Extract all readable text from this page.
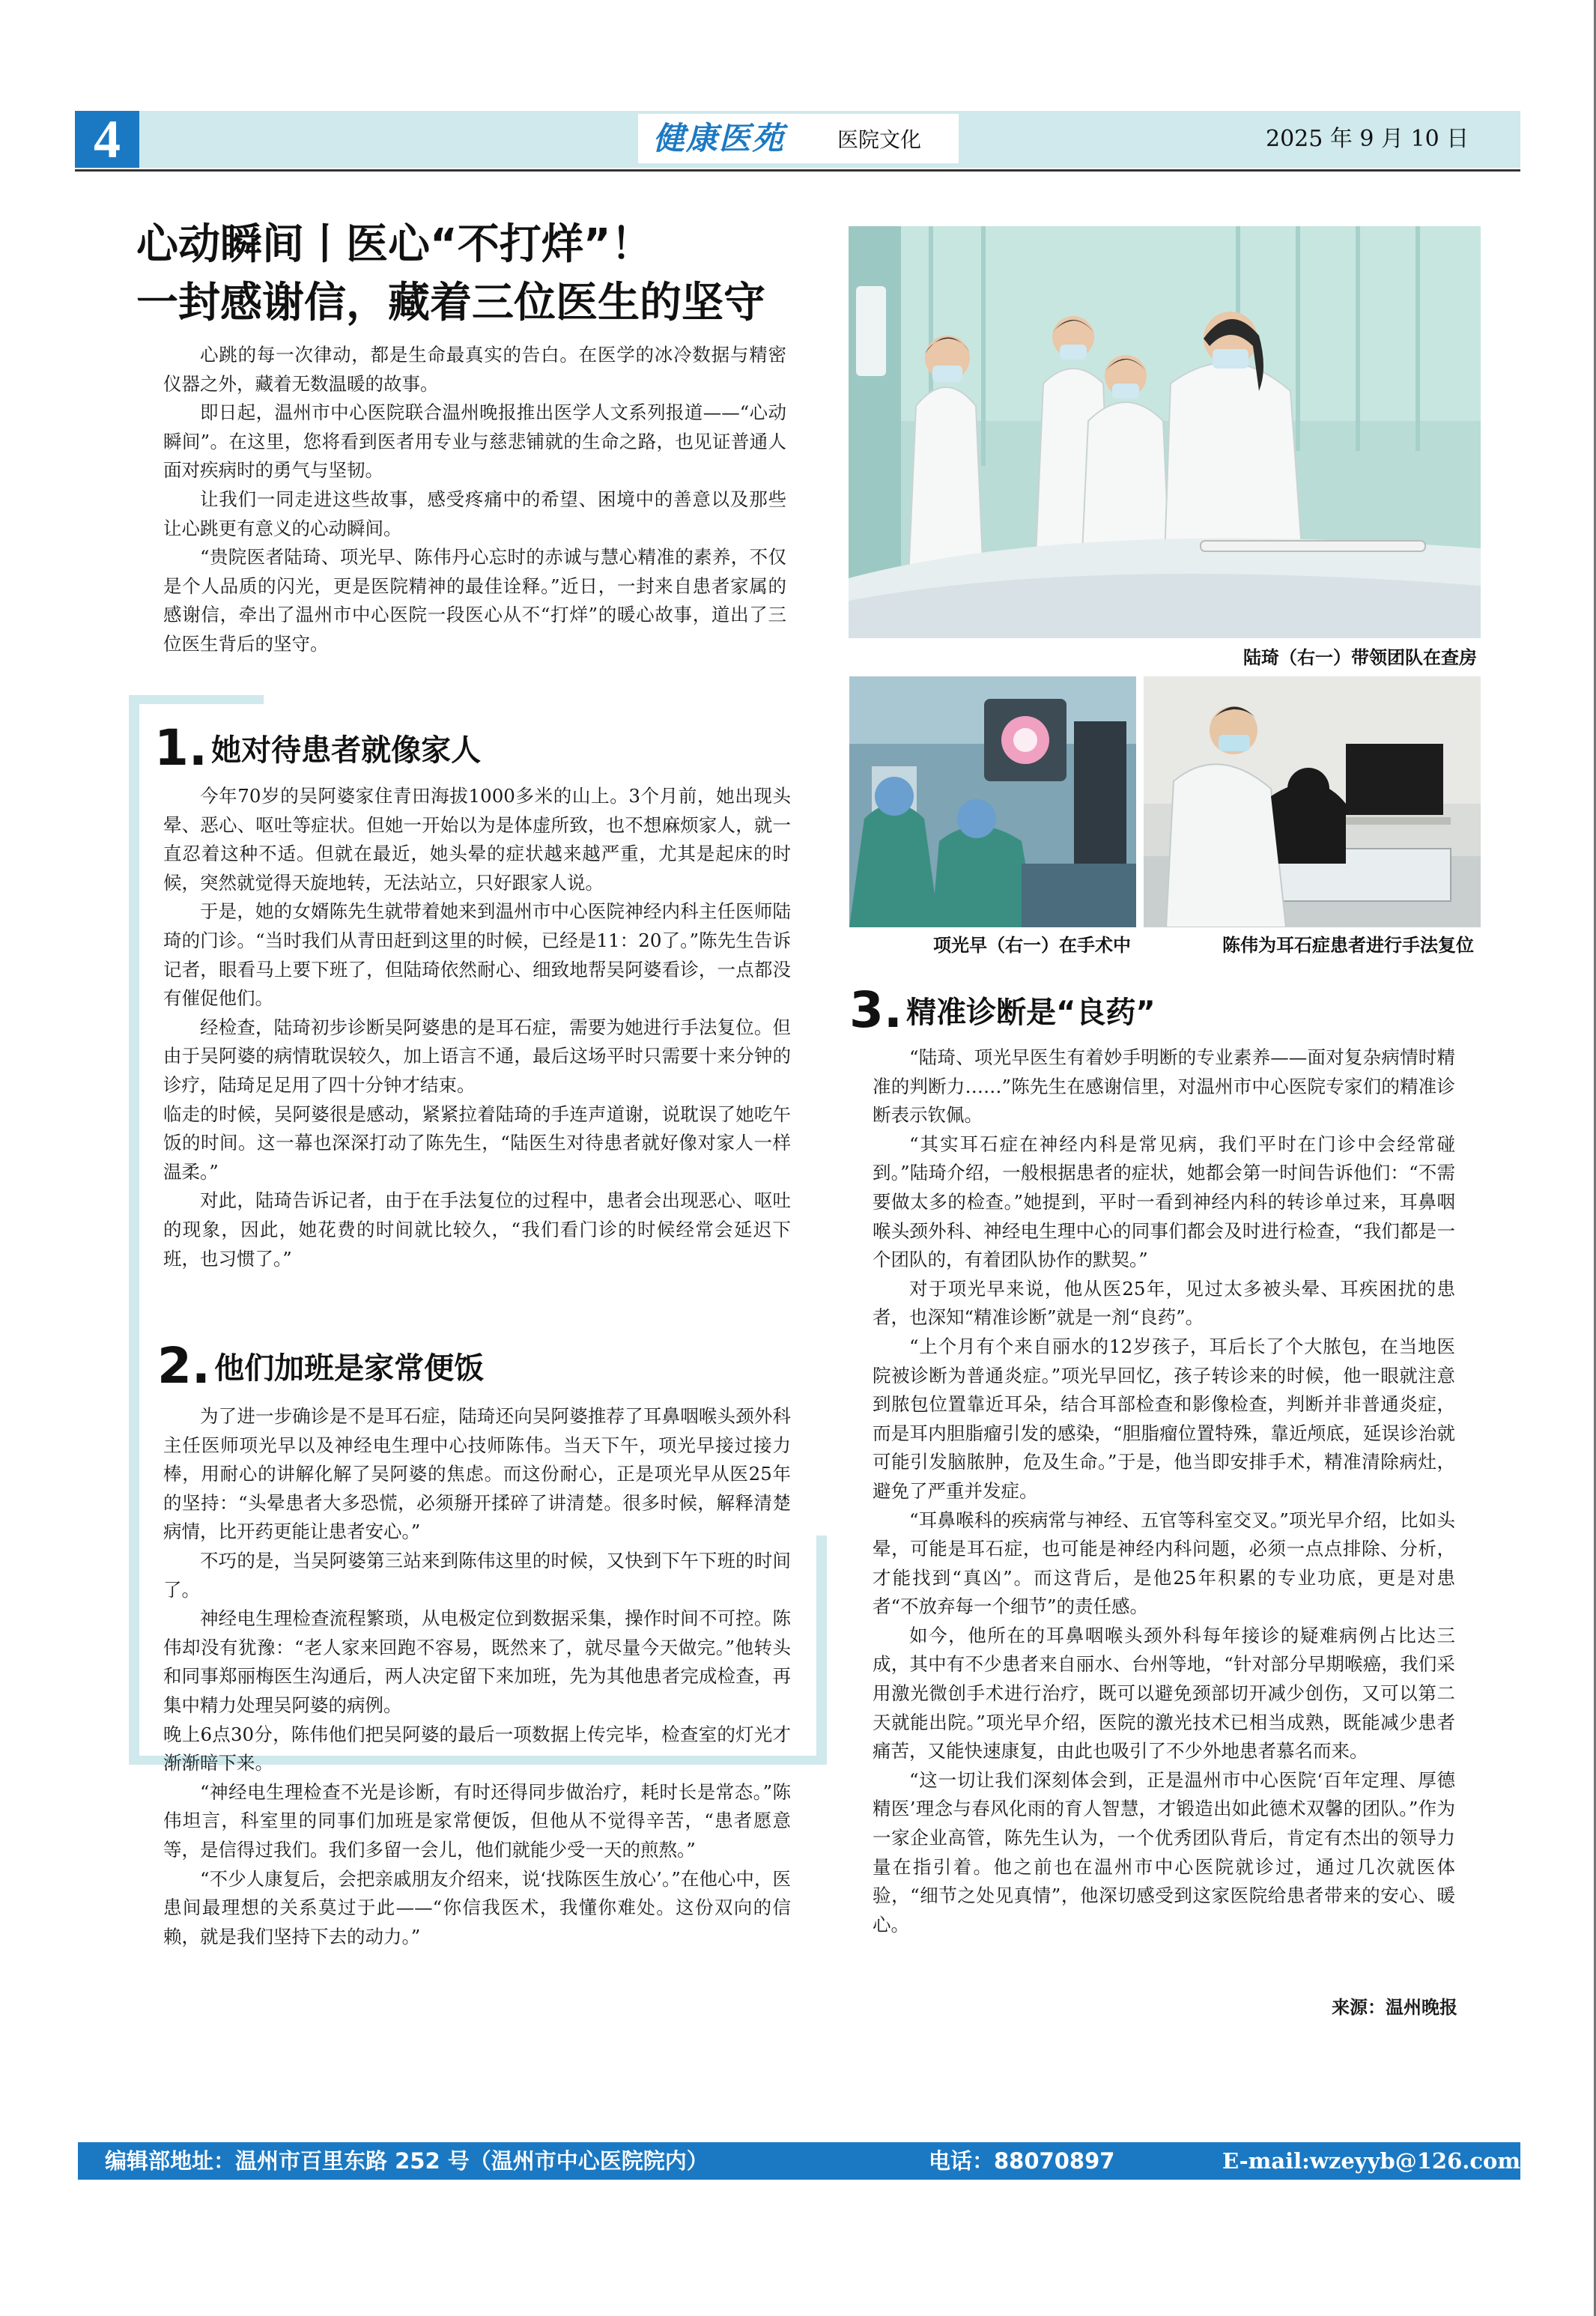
4	健康医苑	医院文化	2025 年 9 月 10 日
心动瞬间丨医心“不打烊”！
一封感谢信，藏着三位医生的坚守

心跳的每一次律动，都是生命最真实的告白。在医学的冰冷数据与精密仪器之外，藏着无数温暖的故事。

即日起，温州市中心医院联合温州晚报推出医学人文系列报道——“心动瞬间”。在这里，您将看到医者用专业与慈悲铺就的生命之路，也见证普通人面对疾病时的勇气与坚韧。

让我们一同走进这些故事，感受疼痛中的希望、困境中的善意以及那些让心跳更有意义的心动瞬间。

“贵院医者陆琦、项光早、陈伟丹心忘时的赤诚与慧心精准的素养，不仅是个人品质的闪光，更是医院精神的最佳诠释。”近日，一封来自患者家属的感谢信，牵出了温州市中心医院一段医心从不“打烊”的暖心故事，道出了三位医生背后的坚守。

1. 她对待患者就像家人

今年70岁的吴阿婆家住青田海拔1000多米的山上。3个月前，她出现头晕、恶心、呕吐等症状。但她一开始以为是体虚所致，也不想麻烦家人，就一直忍着这种不适。但就在最近，她头晕的症状越来越严重，尤其是起床的时候，突然就觉得天旋地转，无法站立，只好跟家人说。

于是，她的女婿陈先生就带着她来到温州市中心医院神经内科主任医师陆琦的门诊。“当时我们从青田赶到这里的时候，已经是11：20了。”陈先生告诉记者，眼看马上要下班了，但陆琦依然耐心、细致地帮吴阿婆看诊，一点都没有催促他们。

经检查，陆琦初步诊断吴阿婆患的是耳石症，需要为她进行手法复位。但由于吴阿婆的病情耽误较久，加上语言不通，最后这场平时只需要十来分钟的诊疗，陆琦足足用了四十分钟才结束。

临走的时候，吴阿婆很是感动，紧紧拉着陆琦的手连声道谢，说耽误了她吃午饭的时间。这一幕也深深打动了陈先生，“陆医生对待患者就好像对家人一样温柔。”

对此，陆琦告诉记者，由于在手法复位的过程中，患者会出现恶心、呕吐的现象，因此，她花费的时间就比较久，“我们看门诊的时候经常会延迟下班，也习惯了。”

2. 他们加班是家常便饭

为了进一步确诊是不是耳石症，陆琦还向吴阿婆推荐了耳鼻咽喉头颈外科主任医师项光早以及神经电生理中心技师陈伟。当天下午，项光早接过接力棒，用耐心的讲解化解了吴阿婆的焦虑。而这份耐心，正是项光早从医25年的坚持：“头晕患者大多恐慌，必须掰开揉碎了讲清楚。很多时候，解释清楚病情，比开药更能让患者安心。”

不巧的是，当吴阿婆第三站来到陈伟这里的时候，又快到下午下班的时间了。

神经电生理检查流程繁琐，从电极定位到数据采集，操作时间不可控。陈伟却没有犹豫：“老人家来回跑不容易，既然来了，就尽量今天做完。”他转头和同事郑丽梅医生沟通后，两人决定留下来加班，先为其他患者完成检查，再集中精力处理吴阿婆的病例。

晚上6点30分，陈伟他们把吴阿婆的最后一项数据上传完毕，检查室的灯光才渐渐暗下来。

“神经电生理检查不光是诊断，有时还得同步做治疗，耗时长是常态。”陈伟坦言，科室里的同事们加班是家常便饭，但他从不觉得辛苦，“患者愿意等，是信得过我们。我们多留一会儿，他们就能少受一天的煎熬。”

“不少人康复后，会把亲戚朋友介绍来，说‘找陈医生放心’。”在他心中，医患间最理想的关系莫过于此——“你信我医术，我懂你难处。这份双向的信赖，就是我们坚持下去的动力。”

陆琦（右一）带领团队在查房
项光早（右一）在手术中	陈伟为耳石症患者进行手法复位
3. 精准诊断是“良药”

“陆琦、项光早医生有着妙手明断的专业素养——面对复杂病情时精准的判断力……”陈先生在感谢信里，对温州市中心医院专家们的精准诊断表示钦佩。

“其实耳石症在神经内科是常见病，我们平时在门诊中会经常碰到。”陆琦介绍，一般根据患者的症状，她都会第一时间告诉他们：“不需要做太多的检查。”她提到，平时一看到神经内科的转诊单过来，耳鼻咽喉头颈外科、神经电生理中心的同事们都会及时进行检查，“我们都是一个团队的，有着团队协作的默契。”

对于项光早来说，他从医25年，见过太多被头晕、耳疾困扰的患者，也深知“精准诊断”就是一剂“良药”。

“上个月有个来自丽水的12岁孩子，耳后长了个大脓包，在当地医院被诊断为普通炎症。”项光早回忆，孩子转诊来的时候，他一眼就注意到脓包位置靠近耳朵，结合耳部检查和影像检查，判断并非普通炎症，而是耳内胆脂瘤引发的感染，“胆脂瘤位置特殊，靠近颅底，延误诊治就可能引发脑脓肿，危及生命。”于是，他当即安排手术，精准清除病灶，避免了严重并发症。

“耳鼻喉科的疾病常与神经、五官等科室交叉。”项光早介绍，比如头晕，可能是耳石症，也可能是神经内科问题，必须一点点排除、分析，才能找到“真凶”。而这背后，是他25年积累的专业功底，更是对患者“不放弃每一个细节”的责任感。

如今，他所在的耳鼻咽喉头颈外科每年接诊的疑难病例占比达三成，其中有不少患者来自丽水、台州等地，“针对部分早期喉癌，我们采用激光微创手术进行治疗，既可以避免颈部切开减少创伤，又可以第二天就能出院。”项光早介绍，医院的激光技术已相当成熟，既能减少患者痛苦，又能快速康复，由此也吸引了不少外地患者慕名而来。

“这一切让我们深刻体会到，正是温州市中心医院‘百年定理、厚德精医’理念与春风化雨的育人智慧，才锻造出如此德术双馨的团队。”作为一家企业高管，陈先生认为，一个优秀团队背后，肯定有杰出的领导力量在指引着。他之前也在温州市中心医院就诊过，通过几次就医体验，“细节之处见真情”，他深切感受到这家医院给患者带来的安心、暖心。

来源：温州晚报
编辑部地址：温州市百里东路 252 号（温州市中心医院院内）	电话：88070897	E-mail:wzeyyb@126.com
